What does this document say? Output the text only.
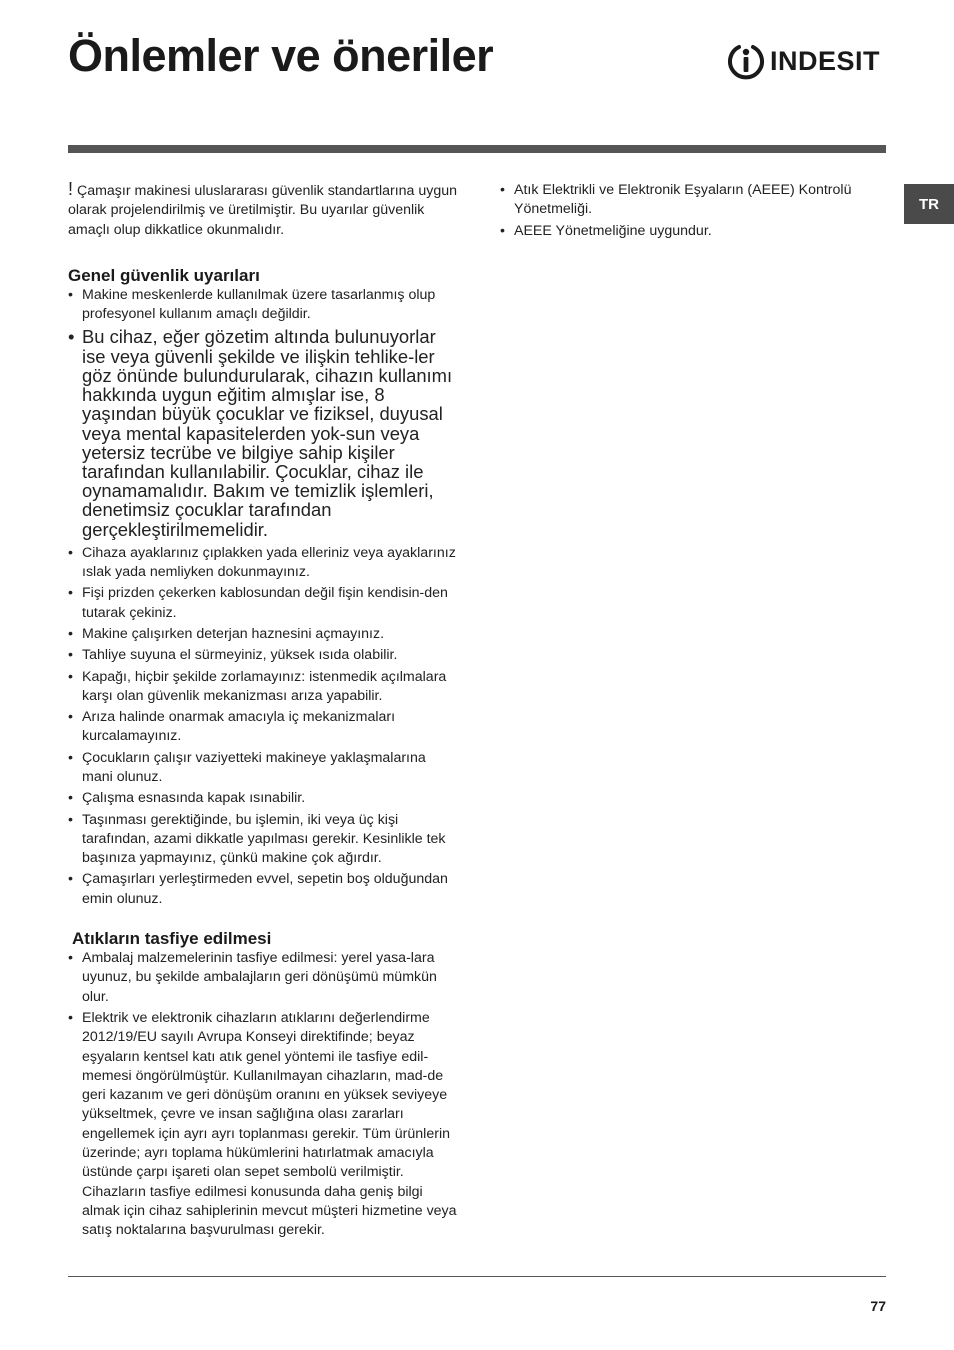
Önlemler ve öneriler	INDESIT
TR

! Çamaşır makinesi uluslararası güvenlik standartlarına uygun olarak projelendirilmiş ve üretilmiştir. Bu uyarılar güvenlik amaçlı olup dikkatlice okunmalıdır.

Genel güvenlik uyarıları
• Makine meskenlerde kullanılmak üzere tasarlanmış olup profesyonel kullanım amaçlı değildir.
• Bu cihaz, eğer gözetim altında bulunuyorlar ise veya güvenli şekilde ve ilişkin tehlike-ler göz önünde bulundurularak, cihazın kullanımı hakkında uygun eğitim almışlar ise, 8 yaşından büyük çocuklar ve fiziksel, duyusal veya mental kapasitelerden yok-sun veya yetersiz tecrübe ve bilgiye sahip kişiler tarafından kullanılabilir. Çocuklar, cihaz ile oynamamalıdır. Bakım ve temizlik işlemleri, denetimsiz çocuklar tarafından gerçekleştirilmemelidir.
• Cihaza ayaklarınız çıplakken yada elleriniz veya ayaklarınız ıslak yada nemliyken dokunmayınız.
• Fişi prizden çekerken kablosundan değil fişin kendisin-den tutarak çekiniz.
• Makine çalışırken deterjan haznesini açmayınız.
• Tahliye suyuna el sürmeyiniz, yüksek ısıda olabilir.
• Kapağı, hiçbir şekilde zorlamayınız: istenmedik açılmalara karşı olan güvenlik mekanizması arıza yapabilir.
• Arıza halinde onarmak amacıyla iç mekanizmaları kurcalamayınız.
• Çocukların çalışır vaziyetteki makineye yaklaşmalarına mani olunuz.
• Çalışma esnasında kapak ısınabilir.
• Taşınması gerektiğinde, bu işlemin, iki veya üç kişi tarafından, azami dikkatle yapılması gerekir. Kesinlikle tek başınıza yapmayınız, çünkü makine çok ağırdır.
• Çamaşırları yerleştirmeden evvel, sepetin boş olduğundan emin olunuz.
Atıkların tasfiye edilmesi
• Ambalaj malzemelerinin tasfiye edilmesi: yerel yasa-lara uyunuz, bu şekilde ambalajların geri dönüşümü mümkün olur.
• Elektrik ve elektronik cihazların atıklarını değerlendirme 2012/19/EU sayılı Avrupa Konseyi direktifinde; beyaz eşyaların kentsel katı atık genel yöntemi ile tasfiye edil-memesi öngörülmüştür. Kullanılmayan cihazların, mad-de geri kazanım ve geri dönüşüm oranını en yüksek seviyeye yükseltmek, çevre ve insan sağlığına olası zararları engellemek için ayrı ayrı toplanması gerekir. Tüm ürünlerin üzerinde; ayrı toplama hükümlerini hatırlatmak amacıyla üstünde çarpı işareti olan sepet sembolü verilmiştir.
Cihazların tasfiye edilmesi konusunda daha geniş bilgi almak için cihaz sahiplerinin mevcut müşteri hizmetine veya satış noktalarına başvurulması gerekir.
• Atık Elektrikli ve Elektronik Eşyaların (AEEE) Kontrolü Yönetmeliği.
• AEEE Yönetmeliğine uygundur.
77
